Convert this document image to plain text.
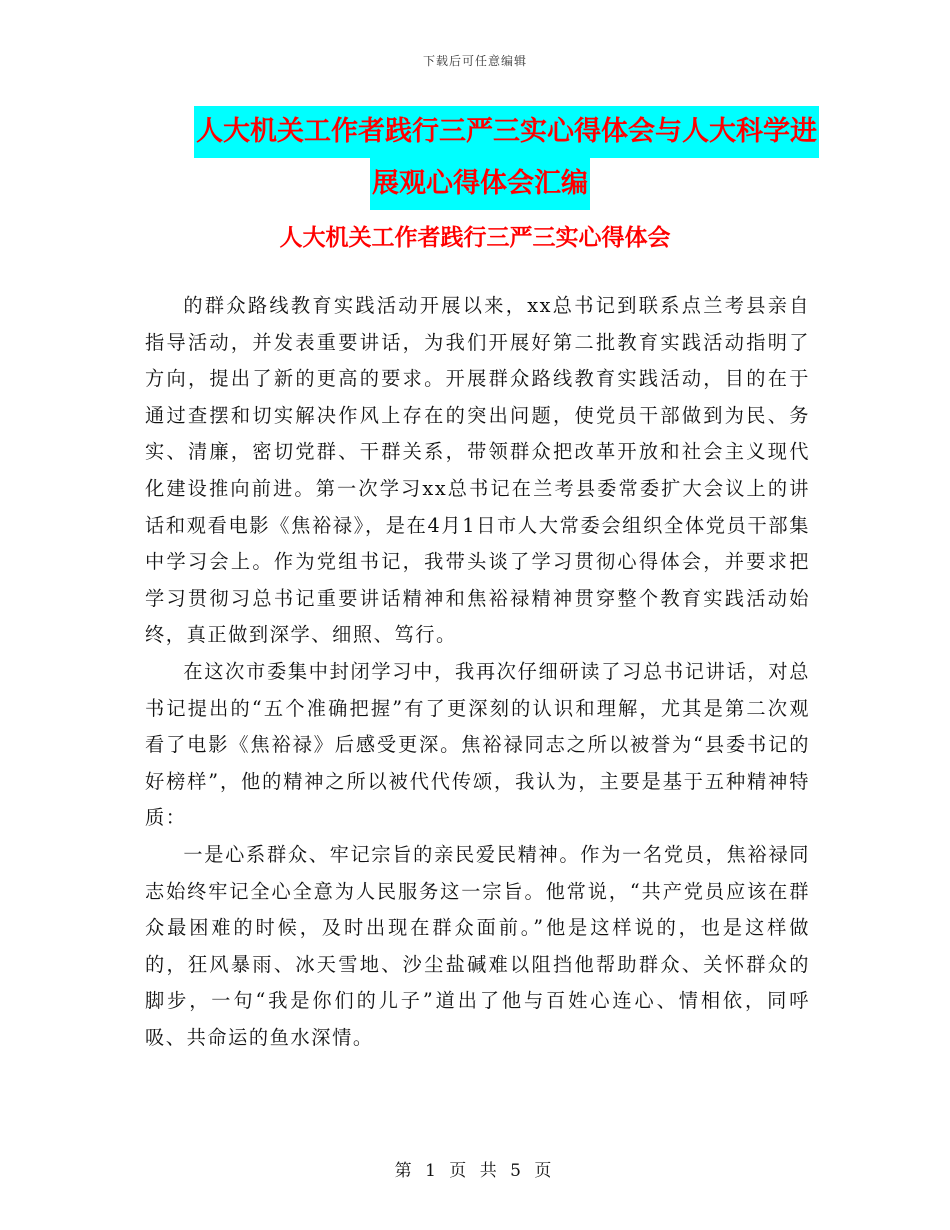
下载后可任意编辑
人大机关工作者践行三严三实心得体会与人大科学进
展观心得体会汇编
人大机关工作者践行三严三实心得体会

的群众路线教育实践活动开展以来，xx总书记到联系点兰考县亲自指导活动，并发表重要讲话，为我们开展好第二批教育实践活动指明了方向，提出了新的更高的要求。开展群众路线教育实践活动，目的在于通过查摆和切实解决作风上存在的突出问题，使党员干部做到为民、务实、清廉，密切党群、干群关系，带领群众把改革开放和社会主义现代化建设推向前进。第一次学习xx总书记在兰考县委常委扩大会议上的讲话和观看电影《焦裕禄》，是在4月1日市人大常委会组织全体党员干部集中学习会上。作为党组书记，我带头谈了学习贯彻心得体会，并要求把学习贯彻习总书记重要讲话精神和焦裕禄精神贯穿整个教育实践活动始终，真正做到深学、细照、笃行。

在这次市委集中封闭学习中，我再次仔细研读了习总书记讲话，对总书记提出的“五个准确把握”有了更深刻的认识和理解，尤其是第二次观看了电影《焦裕禄》后感受更深。焦裕禄同志之所以被誉为“县委书记的好榜样”，他的精神之所以被代代传颂，我认为，主要是基于五种精神特质：

一是心系群众、牢记宗旨的亲民爱民精神。作为一名党员，焦裕禄同志始终牢记全心全意为人民服务这一宗旨。他常说，“共产党员应该在群众最困难的时候，及时出现在群众面前。”他是这样说的，也是这样做的，狂风暴雨、冰天雪地、沙尘盐碱难以阻挡他帮助群众、关怀群众的脚步，一句“我是你们的儿子”道出了他与百姓心连心、情相依，同呼吸、共命运的鱼水深情。

第 1 页 共 5 页
